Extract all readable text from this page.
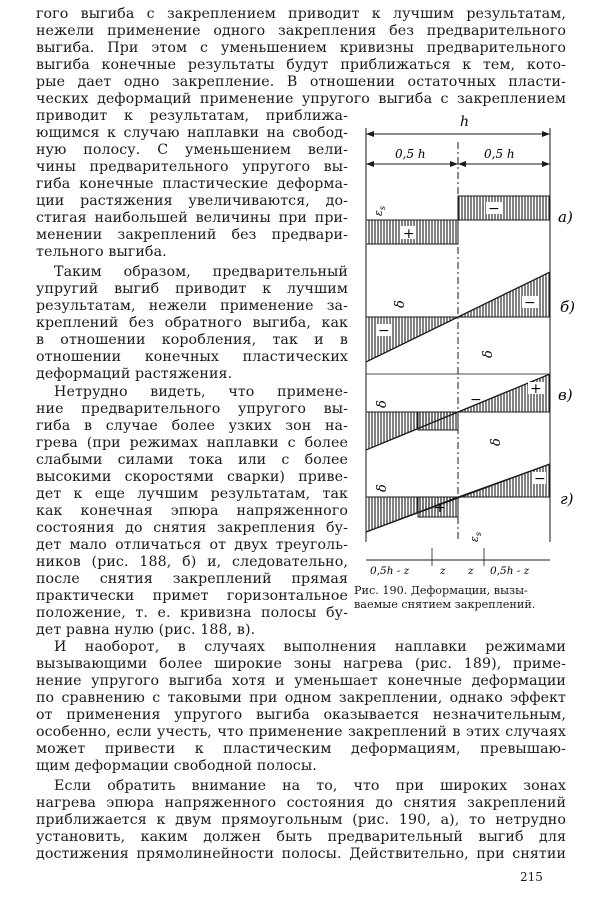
гого выгиба с закреплением приводит к лучшим результатам,
нежели применение одного закрепления без предварительного
выгиба. При этом с уменьшением кривизны предварительного
выгиба конечные результаты будут приближаться к тем, кото-
рые дает одно закрепление. В отношении остаточных пласти-
ческих деформаций применение упругого выгиба с закреплением
приводит к результатам, приближа-
ющимся к случаю наплавки на свобод-
ную полосу. С уменьшением вели-
чины предварительного упругого вы-
гиба конечные пластические деформа-
ции растяжения увеличиваются, до-
стигая наибольшей величины при при-
менении закреплений без предвари-
тельного выгиба.
Таким образом, предварительный
упругий выгиб приводит к лучшим
результатам, нежели применение за-
креплений без обратного выгиба, как
в отношении коробления, так и в
отношении конечных пластических
деформаций растяжения.
Нетрудно видеть, что примене-
ние предварительного упругого вы-
гиба в случае более узких зон на-
грева (при режимах наплавки с более
слабыми силами тока или с более
высокими скоростями сварки) приве-
дет к еще лучшим результатам, так
как конечная эпюра напряженного
состояния до снятия закрепления бу-
дет мало отличаться от двух треуголь-
ников (рис. 188, б) и, следовательно,
после снятия закреплений прямая
практически примет горизонтальное
положение, т. е. кривизна полосы бу-
дет равна нулю (рис. 188, в).
h
0,5 h	0,5 h
−
+
$\varepsilon_s$	а)
−
−
δ
δ
б)
+
−
δ
δ
в)
−
+
δ
$\varepsilon_s$
г)
0,5h - z	z z 0,5h - z
Рис. 190. Деформации, вызы-
ваемые снятием закреплений.
И наоборот, в случаях выполнения наплавки режимами
вызывающими более широкие зоны нагрева (рис. 189), приме-
нение упругого выгиба хотя и уменьшает конечные деформации
по сравнению с таковыми при одном закреплении, однако эффект
от применения упругого выгиба оказывается незначительным,
особенно, если учесть, что применение закреплений в этих случаях
может привести к пластическим деформациям, превышаю-
щим деформации свободной полосы.
Если обратить внимание на то, что при широких зонах
нагрева эпюра напряженного состояния до снятия закреплений
приближается к двум прямоугольным (рис. 190, а), то нетрудно
установить, каким должен быть предварительный выгиб для
достижения прямолинейности полосы. Действительно, при снятии
215
